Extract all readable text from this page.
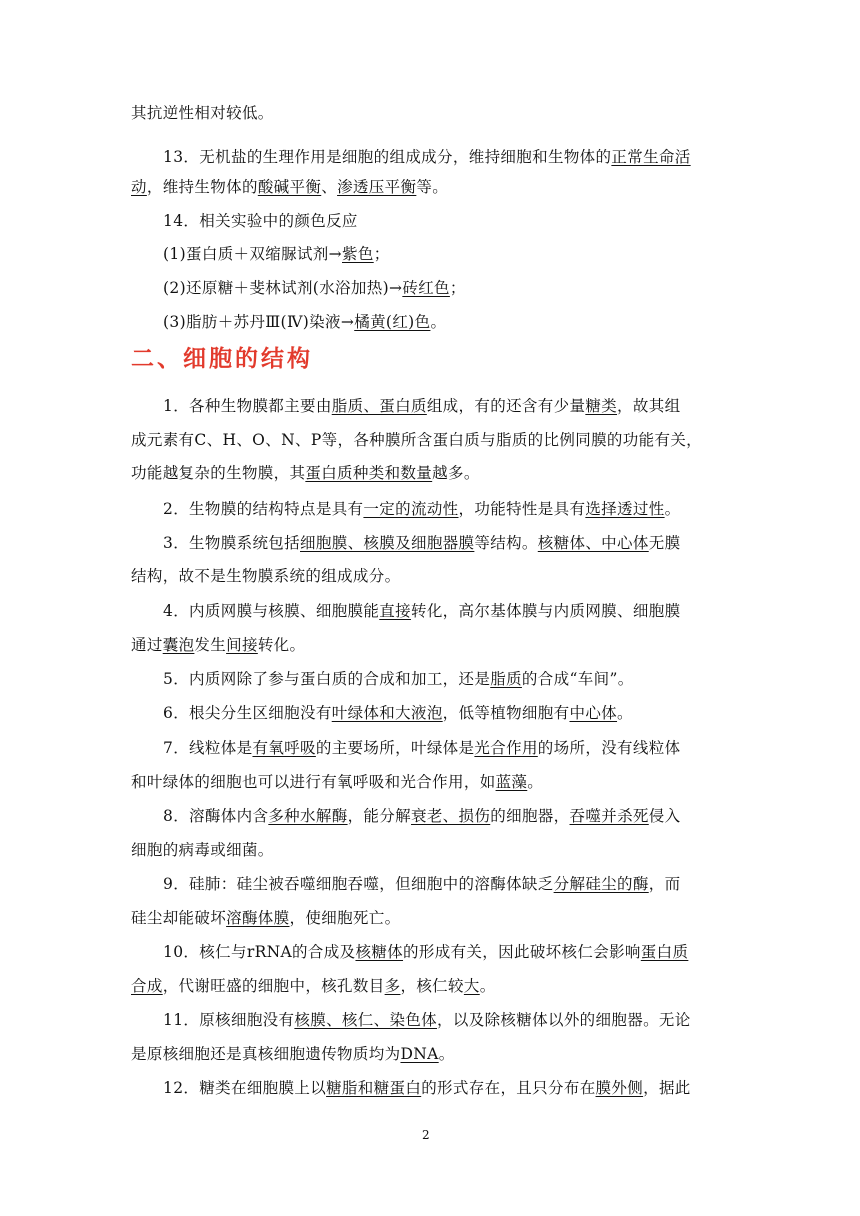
其抗逆性相对较低。
13．无机盐的生理作用是细胞的组成成分，维持细胞和生物体的正常生命活
动，维持生物体的酸碱平衡、渗透压平衡等。
14．相关实验中的颜色反应
(1)蛋白质＋双缩脲试剂→紫色；
(2)还原糖＋斐林试剂(水浴加热)→砖红色；
(3)脂肪＋苏丹Ⅲ(Ⅳ)染液→橘黄(红)色。
二、细胞的结构
1．各种生物膜都主要由脂质、蛋白质组成，有的还含有少量糖类，故其组
成元素有C、H、O、N、P等，各种膜所含蛋白质与脂质的比例同膜的功能有关，
功能越复杂的生物膜，其蛋白质种类和数量越多。
2．生物膜的结构特点是具有一定的流动性，功能特性是具有选择透过性。
3．生物膜系统包括细胞膜、核膜及细胞器膜等结构。核糖体、中心体无膜
结构，故不是生物膜系统的组成成分。
4．内质网膜与核膜、细胞膜能直接转化，高尔基体膜与内质网膜、细胞膜
通过囊泡发生间接转化。
5．内质网除了参与蛋白质的合成和加工，还是脂质的合成“车间”。
6．根尖分生区细胞没有叶绿体和大液泡，低等植物细胞有中心体。
7．线粒体是有氧呼吸的主要场所，叶绿体是光合作用的场所，没有线粒体
和叶绿体的细胞也可以进行有氧呼吸和光合作用，如蓝藻。
8．溶酶体内含多种水解酶，能分解衰老、损伤的细胞器，吞噬并杀死侵入
细胞的病毒或细菌。
9．硅肺：硅尘被吞噬细胞吞噬，但细胞中的溶酶体缺乏分解硅尘的酶，而
硅尘却能破坏溶酶体膜，使细胞死亡。
10．核仁与rRNA的合成及核糖体的形成有关，因此破坏核仁会影响蛋白质
合成，代谢旺盛的细胞中，核孔数目多，核仁较大。
11．原核细胞没有核膜、核仁、染色体，以及除核糖体以外的细胞器。无论
是原核细胞还是真核细胞遗传物质均为DNA。
12．糖类在细胞膜上以糖脂和糖蛋白的形式存在，且只分布在膜外侧，据此
2
